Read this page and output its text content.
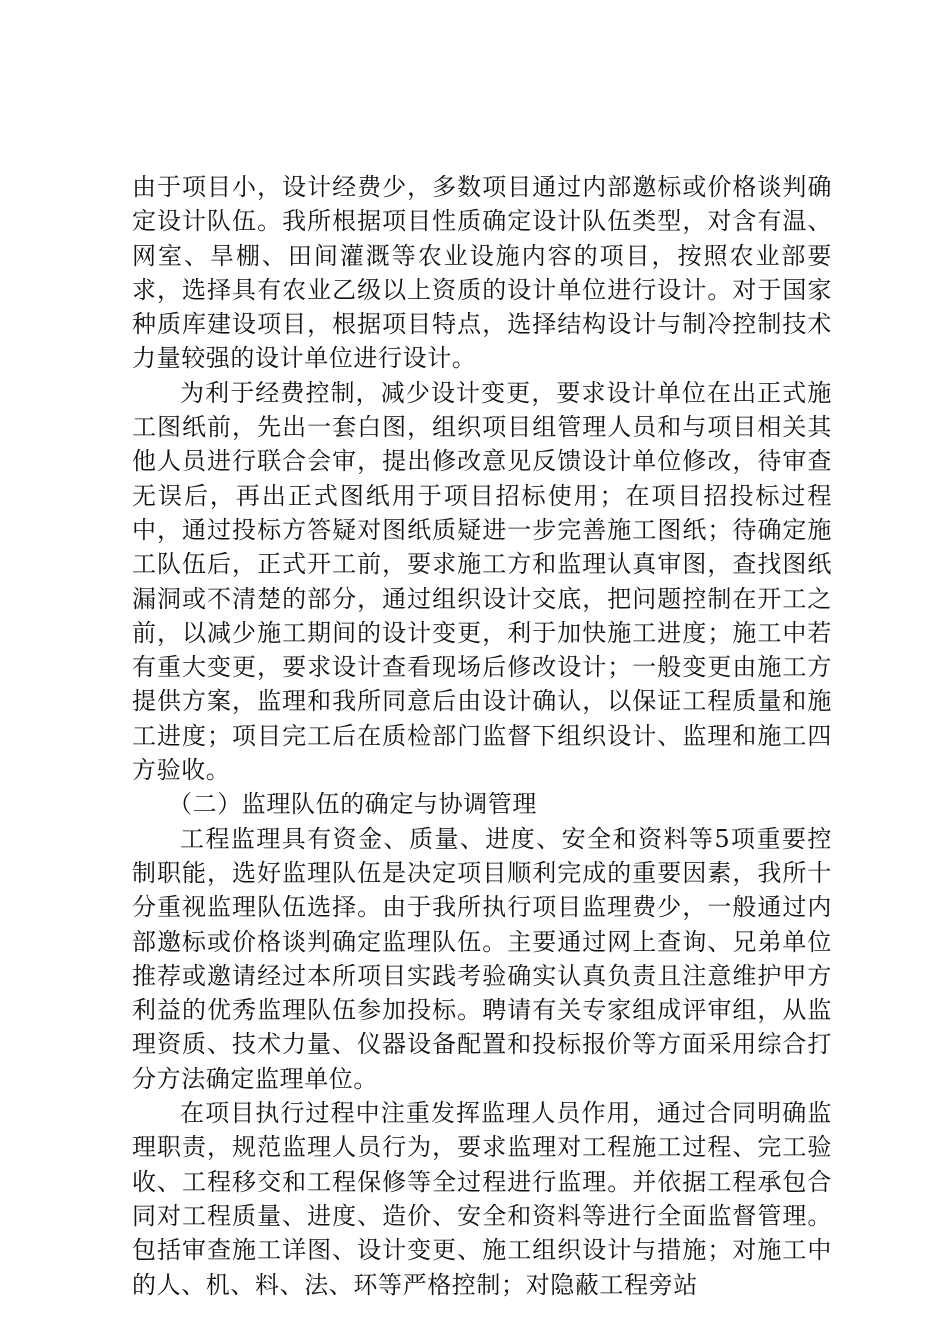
由于项目小，设计经费少，多数项目通过内部邀标或价格谈判确定设计队伍。我所根据项目性质确定设计队伍类型，对含有温、网室、旱棚、田间灌溉等农业设施内容的项目，按照农业部要求，选择具有农业乙级以上资质的设计单位进行设计。对于国家种质库建设项目，根据项目特点，选择结构设计与制冷控制技术力量较强的设计单位进行设计。

为利于经费控制，减少设计变更，要求设计单位在出正式施工图纸前，先出一套白图，组织项目组管理人员和与项目相关其他人员进行联合会审，提出修改意见反馈设计单位修改，待审查无误后，再出正式图纸用于项目招标使用；在项目招投标过程中，通过投标方答疑对图纸质疑进一步完善施工图纸；待确定施工队伍后，正式开工前，要求施工方和监理认真审图，查找图纸漏洞或不清楚的部分，通过组织设计交底，把问题控制在开工之前，以减少施工期间的设计变更，利于加快施工进度；施工中若有重大变更，要求设计查看现场后修改设计；一般变更由施工方提供方案，监理和我所同意后由设计确认，以保证工程质量和施工进度；项目完工后在质检部门监督下组织设计、监理和施工四方验收。

（二）监理队伍的确定与协调管理

工程监理具有资金、质量、进度、安全和资料等5项重要控制职能，选好监理队伍是决定项目顺利完成的重要因素，我所十分重视监理队伍选择。由于我所执行项目监理费少，一般通过内部邀标或价格谈判确定监理队伍。主要通过网上查询、兄弟单位推荐或邀请经过本所项目实践考验确实认真负责且注意维护甲方利益的优秀监理队伍参加投标。聘请有关专家组成评审组，从监理资质、技术力量、仪器设备配置和投标报价等方面采用综合打分方法确定监理单位。

在项目执行过程中注重发挥监理人员作用，通过合同明确监理职责，规范监理人员行为，要求监理对工程施工过程、完工验收、工程移交和工程保修等全过程进行监理。并依据工程承包合同对工程质量、进度、造价、安全和资料等进行全面监督管理。包括审查施工详图、设计变更、施工组织设计与措施；对施工中的人、机、料、法、环等严格控制；对隐蔽工程旁站
